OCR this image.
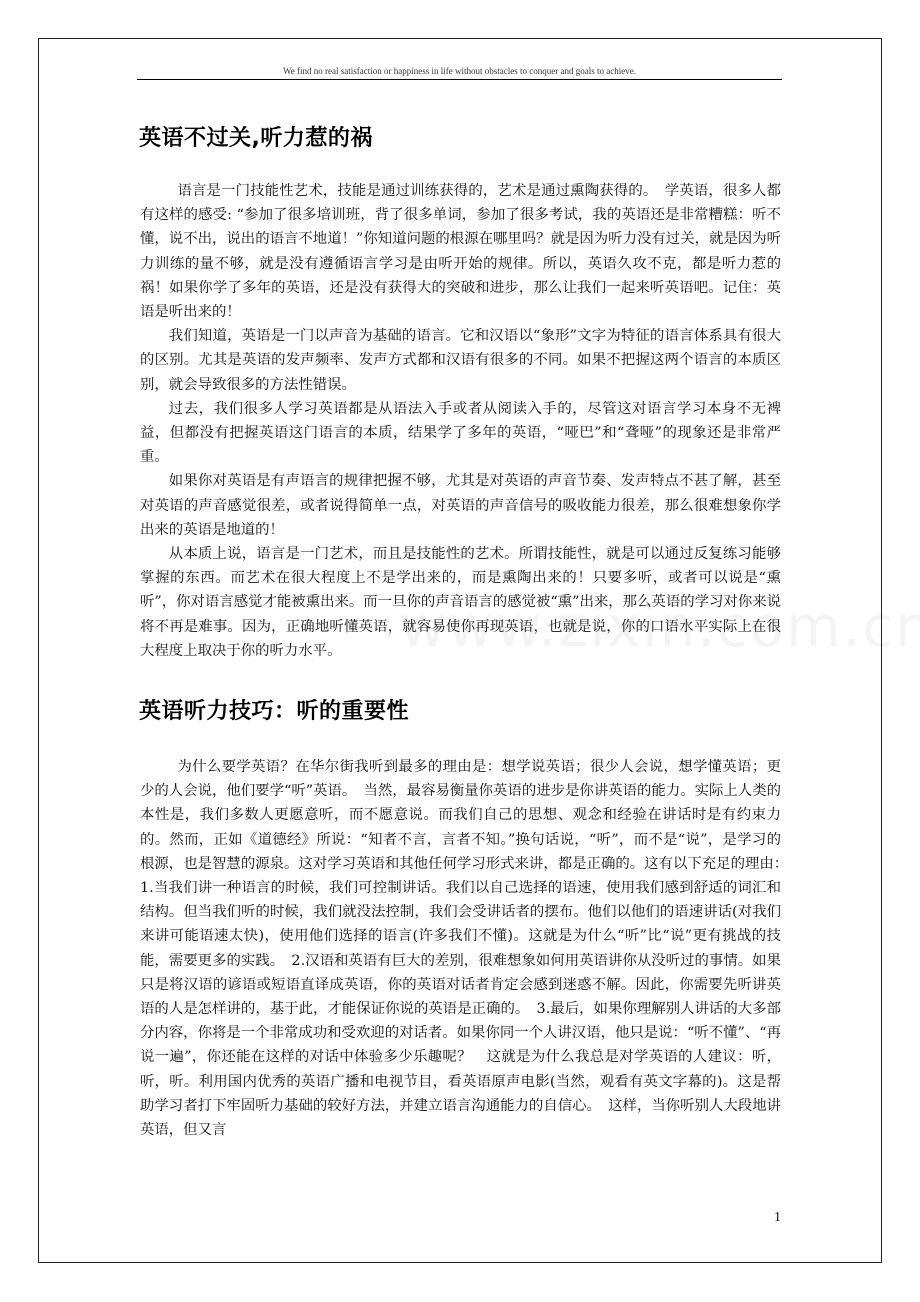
We find no real satisfaction or happiness in life without obstacles to conquer and goals to achieve.
英语不过关,听力惹的祸

语言是一门技能性艺术，技能是通过训练获得的，艺术是通过熏陶获得的。　学英语，很多人都有这样的感受: “参加了很多培训班，背了很多单词，参加了很多考试，我的英语还是非常糟糕：听不懂，说不出，说出的语言不地道！”你知道问题的根源在哪里吗？就是因为听力没有过关，就是因为听力训练的量不够，就是没有遵循语言学习是由听开始的规律。所以，英语久攻不克，都是听力惹的祸！如果你学了多年的英语，还是没有获得大的突破和进步，那么让我们一起来听英语吧。记住：英语是听出来的！

我们知道，英语是一门以声音为基础的语言。它和汉语以“象形”文字为特征的语言体系具有很大的区别。尤其是英语的发声频率、发声方式都和汉语有很多的不同。如果不把握这两个语言的本质区别，就会导致很多的方法性错误。

过去，我们很多人学习英语都是从语法入手或者从阅读入手的，尽管这对语言学习本身不无裨益，但都没有把握英语这门语言的本质，结果学了多年的英语，“哑巴”和“聋哑”的现象还是非常严重。

如果你对英语是有声语言的规律把握不够，尤其是对英语的声音节奏、发声特点不甚了解，甚至对英语的声音感觉很差，或者说得简单一点，对英语的声音信号的吸收能力很差，那么很难想象你学出来的英语是地道的！

从本质上说，语言是一门艺术，而且是技能性的艺术。所谓技能性，就是可以通过反复练习能够掌握的东西。而艺术在很大程度上不是学出来的，而是熏陶出来的！只要多听，或者可以说是“熏听”，你对语言感觉才能被熏出来。而一旦你的声音语言的感觉被“熏”出来，那么英语的学习对你来说将不再是难事。因为，正确地听懂英语，就容易使你再现英语，也就是说，你的口语水平实际上在很大程度上取决于你的听力水平。

英语听力技巧：听的重要性

为什么要学英语？在华尔街我听到最多的理由是：想学说英语；很少人会说，想学懂英语；更少的人会说，他们要学“听”英语。　当然，最容易衡量你英语的进步是你讲英语的能力。实际上人类的本性是，我们多数人更愿意听，而不愿意说。而我们自己的思想、观念和经验在讲话时是有约束力的。然而，正如《道德经》所说：“知者不言，言者不知。”换句话说，“听”，而不是“说”，是学习的根源，也是智慧的源泉。这对学习英语和其他任何学习形式来讲，都是正确的。这有以下充足的理由：　1.当我们讲一种语言的时候，我们可控制讲话。我们以自己选择的语速，使用我们感到舒适的词汇和结构。但当我们听的时候，我们就没法控制，我们会受讲话者的摆布。他们以他们的语速讲话(对我们来讲可能语速太快)，使用他们选择的语言(许多我们不懂)。这就是为什么“听”比“说”更有挑战的技能，需要更多的实践。　2.汉语和英语有巨大的差别，很难想象如何用英语讲你从没听过的事情。如果只是将汉语的谚语或短语直译成英语，你的英语对话者肯定会感到迷惑不解。因此，你需要先听讲英语的人是怎样讲的，基于此，才能保证你说的英语是正确的。　3.最后，如果你理解别人讲话的大多部分内容，你将是一个非常成功和受欢迎的对话者。如果你同一个人讲汉语，他只是说：“听不懂”、“再说一遍”，你还能在这样的对话中体验多少乐趣呢？　这就是为什么我总是对学英语的人建议：听，听，听。利用国内优秀的英语广播和电视节目，看英语原声电影(当然，观看有英文字幕的)。这是帮助学习者打下牢固听力基础的较好方法，并建立语言沟通能力的自信心。　这样，当你听别人大段地讲英语，但又言

1
